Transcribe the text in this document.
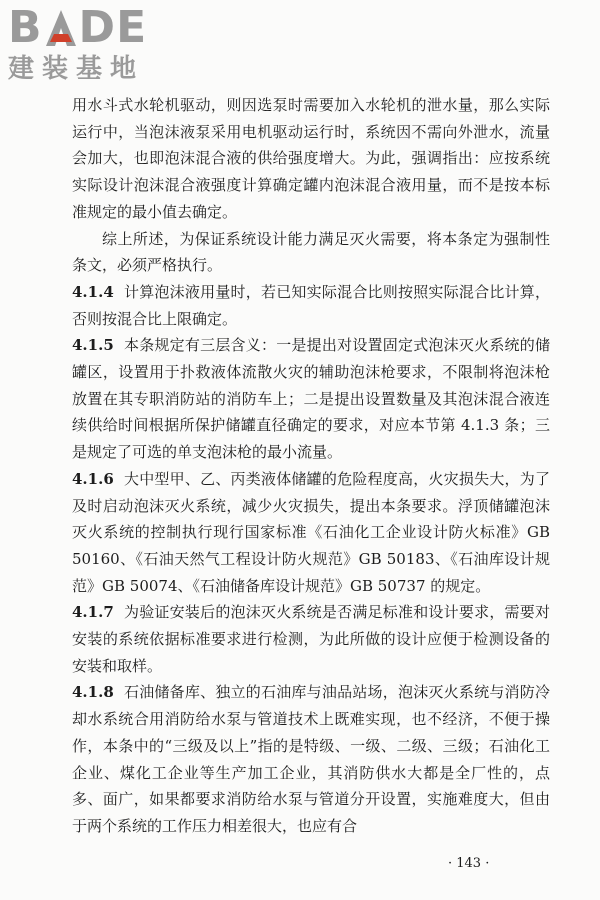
B DE
建装基地

用水斗式水轮机驱动，则因选泵时需要加入水轮机的泄水量，那么实际运行中，当泡沫液泵采用电机驱动运行时，系统因不需向外泄水，流量会加大，也即泡沫混合液的供给强度增大。为此，强调指出：应按系统实际设计泡沫混合液强度计算确定罐内泡沫混合液用量，而不是按本标准规定的最小值去确定。

综上所述，为保证系统设计能力满足灭火需要，将本条定为强制性条文，必须严格执行。

4.1.4 计算泡沫液用量时，若已知实际混合比则按照实际混合比计算，否则按混合比上限确定。

4.1.5 本条规定有三层含义：一是提出对设置固定式泡沫灭火系统的储罐区，设置用于扑救液体流散火灾的辅助泡沫枪要求，不限制将泡沫枪放置在其专职消防站的消防车上；二是提出设置数量及其泡沫混合液连续供给时间根据所保护储罐直径确定的要求，对应本节第 4.1.3 条；三是规定了可选的单支泡沫枪的最小流量。

4.1.6 大中型甲、乙、丙类液体储罐的危险程度高，火灾损失大，为了及时启动泡沫灭火系统，减少火灾损失，提出本条要求。浮顶储罐泡沫灭火系统的控制执行现行国家标准《石油化工企业设计防火标准》GB 50160、《石油天然气工程设计防火规范》GB 50183、《石油库设计规范》GB 50074、《石油储备库设计规范》GB 50737 的规定。

4.1.7 为验证安装后的泡沫灭火系统是否满足标准和设计要求，需要对安装的系统依据标准要求进行检测，为此所做的设计应便于检测设备的安装和取样。

4.1.8 石油储备库、独立的石油库与油品站场，泡沫灭火系统与消防冷却水系统合用消防给水泵与管道技术上既难实现，也不经济，不便于操作，本条中的“三级及以上”指的是特级、一级、二级、三级；石油化工企业、煤化工企业等生产加工企业，其消防供水大都是全厂性的，点多、面广，如果都要求消防给水泵与管道分开设置，实施难度大，但由于两个系统的工作压力相差很大，也应有合

· 143 ·
